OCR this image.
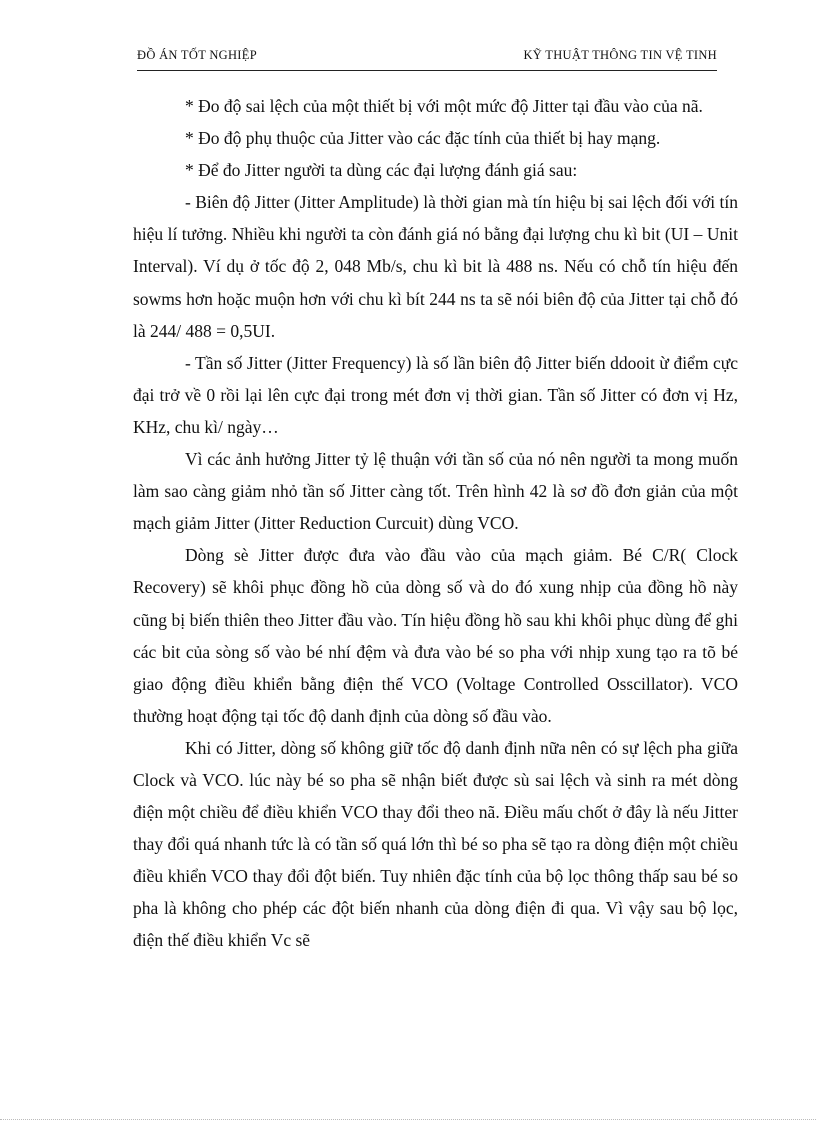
ĐỒ ÁN TỐT NGHIỆP	KỸ THUẬT THÔNG TIN VỆ TINH

* Đo độ sai lệch của một thiết bị với một mức độ Jitter tại đầu vào của nã.

* Đo độ phụ thuộc của Jitter vào các đặc tính của thiết bị hay mạng.

* Để đo Jitter người ta dùng các đại lượng đánh giá sau:

- Biên độ Jitter (Jitter Amplitude) là thời gian mà tín hiệu bị sai lệch đối với tín hiệu lí tưởng. Nhiều khi người ta còn đánh giá nó bằng đại lượng chu kì bit (UI – Unit Interval). Ví dụ ở tốc độ 2, 048 Mb/s, chu kì bit là 488 ns. Nếu có chỗ tín hiệu đến sowms hơn hoặc muộn hơn với chu kì bít 244 ns ta sẽ nói biên độ của Jitter tại chỗ đó là 244/ 488 = 0,5UI.

- Tần số Jitter (Jitter Frequency) là số lần biên độ Jitter biến ddooit ừ điểm cực đại trở về 0 rồi lại lên cực đại trong mét đơn vị thời gian. Tần số Jitter có đơn vị Hz, KHz, chu kì/ ngày…

Vì các ảnh hưởng Jitter tỷ lệ thuận với tần số của nó nên người ta mong muốn làm sao càng giảm nhỏ tần số Jitter càng tốt. Trên hình 42 là sơ đồ đơn giản của một mạch giảm Jitter (Jitter Reduction Curcuit) dùng VCO.

Dòng sè Jitter được đưa vào đầu vào của mạch giảm. Bé C/R( Clock Recovery) sẽ khôi phục đồng hồ của dòng số và do đó xung nhịp của đồng hồ này cũng bị biến thiên theo Jitter đầu vào. Tín hiệu đồng hồ sau khi khôi phục dùng để ghi các bit của sòng số vào bé nhí đệm và đưa vào bé so pha với nhịp xung tạo ra tõ bé giao động điều khiển bằng điện thế VCO (Voltage Controlled Osscillator). VCO thường hoạt động tại tốc độ danh định của dòng số đầu vào.

Khi có Jitter, dòng số không giữ tốc độ danh định nữa nên có sự lệch pha giữa Clock và VCO. lúc này bé so pha sẽ nhận biết được sù sai lệch và sinh ra mét dòng điện một chiều để điều khiển VCO thay đổi theo nã. Điều mấu chốt ở đây là nếu Jitter thay đổi quá nhanh tức là có tần số quá lớn thì bé so pha sẽ tạo ra dòng điện một chiều điều khiển VCO thay đổi đột biến. Tuy nhiên đặc tính của bộ lọc thông thấp sau bé so pha là không cho phép các đột biến nhanh của dòng điện đi qua. Vì vậy sau bộ lọc, điện thế điều khiển Vc sẽ
